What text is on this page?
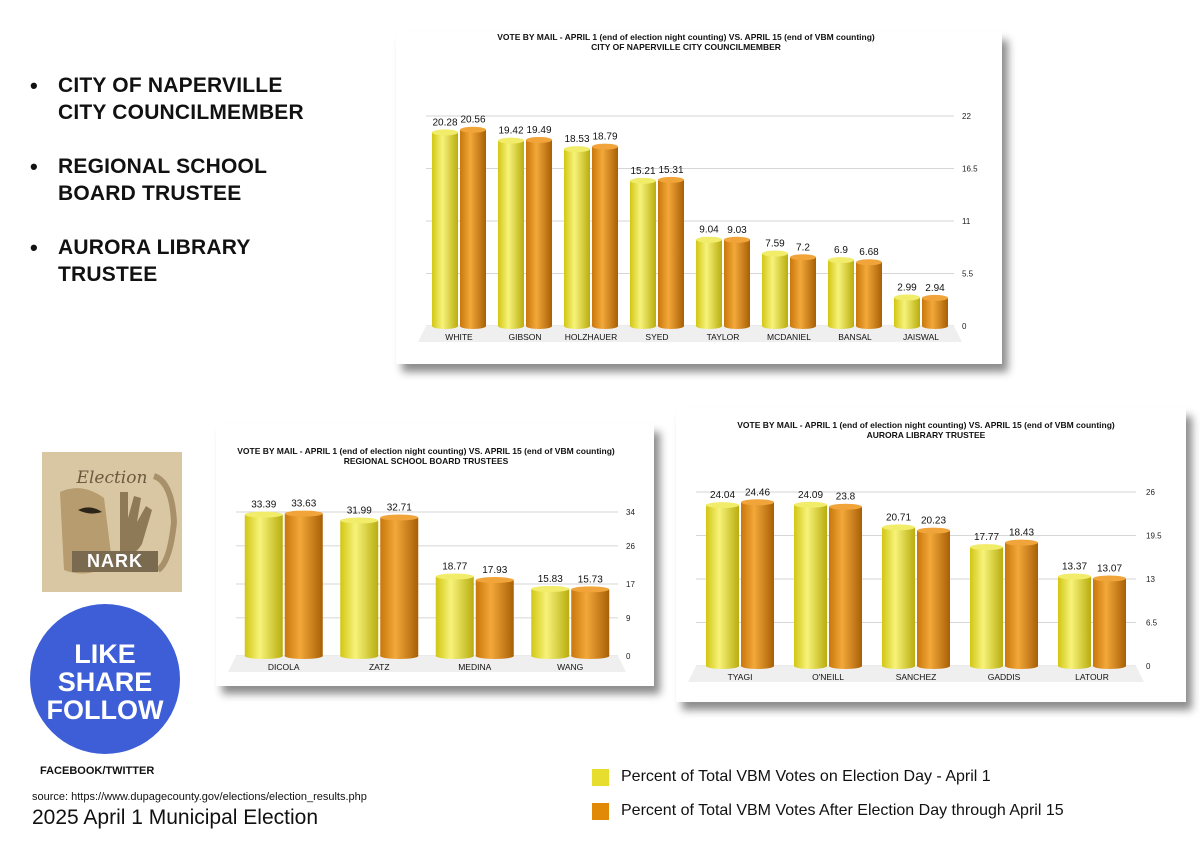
• CITY OF NAPERVILLE
CITY COUNCILMEMBER
• REGIONAL SCHOOL
BOARD TRUSTEE
• AURORA LIBRARY
TRUSTEE
VOTE BY MAIL - APRIL 1 (end of election night counting) VS. APRIL 15 (end of VBM counting)
CITY OF NAPERVILLE CITY COUNCILMEMBER
0
5.5
11
16.5
22
20.28 20.56
WHITE
19.42 19.49
GIBSON
18.53 18.79
HOLZHAUER
15.21 15.31
SYED
9.04 9.03
TAYLOR
7.59 7.2
MCDANIEL
6.9 6.68
BANSAL
2.99 2.94
JAISWAL
VOTE BY MAIL - APRIL 1 (end of election night counting) VS. APRIL 15 (end of VBM counting)
REGIONAL SCHOOL BOARD TRUSTEES
0
9
17
26
34
33.39 33.63
DICOLA
31.99 32.71
ZATZ
18.77 17.93
MEDINA
15.83 15.73
WANG
VOTE BY MAIL - APRIL 1 (end of election night counting) VS. APRIL 15 (end of VBM counting)
AURORA LIBRARY TRUSTEE
0
6.5
13
19.5
26
24.04 24.46
TYAGI
24.09 23.8
O'NEILL
20.71 20.23
SANCHEZ
17.77 18.43
GADDIS
13.37 13.07
LATOUR
Election
NARK
LIKE
SHARE
FOLLOW
FACEBOOK/TWITTER
source: https://www.dupagecounty.gov/elections/election_results.php
2025 April 1 Municipal Election
Percent of Total VBM Votes on Election Day - April 1
Percent of Total VBM Votes After Election Day through April 15
